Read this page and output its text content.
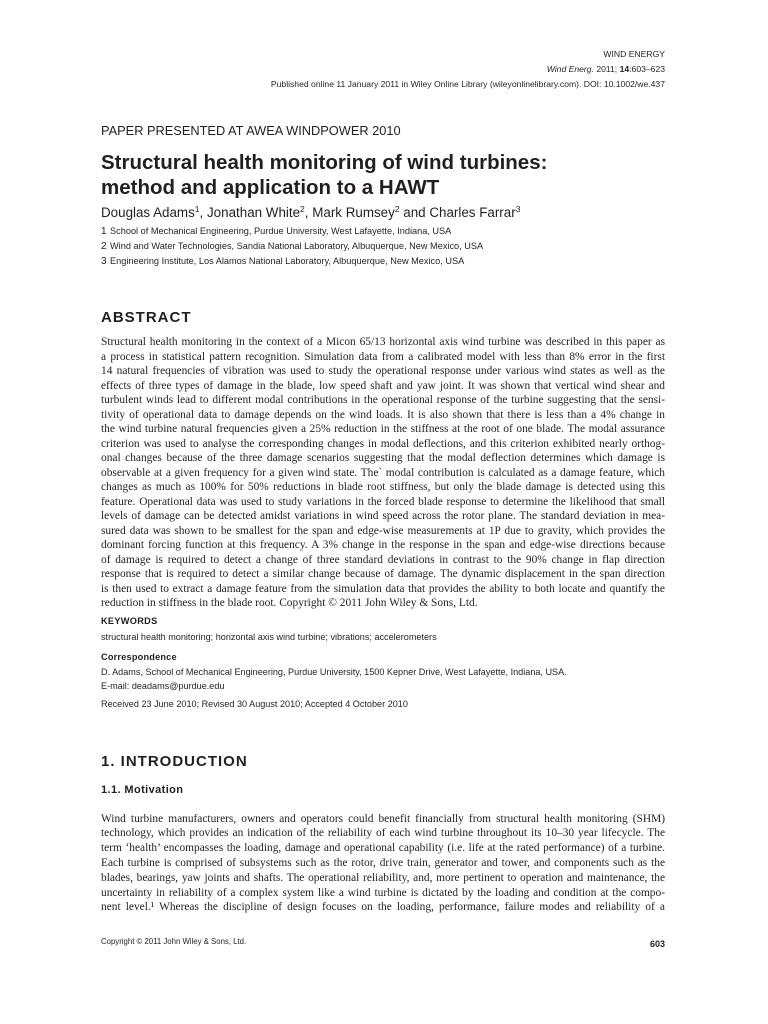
WIND ENERGY
Wind Energ. 2011; 14:603–623
Published online 11 January 2011 in Wiley Online Library (wileyonlinelibrary.com). DOI: 10.1002/we.437
PAPER PRESENTED AT AWEA WINDPOWER 2010
Structural health monitoring of wind turbines:
method and application to a HAWT
Douglas Adams$^1$, Jonathan White$^2$, Mark Rumsey$^2$ and Charles Farrar$^3$
1 School of Mechanical Engineering, Purdue University, West Lafayette, Indiana, USA
2 Wind and Water Technologies, Sandia National Laboratory, Albuquerque, New Mexico, USA
3 Engineering Institute, Los Alamos National Laboratory, Albuquerque, New Mexico, USA
ABSTRACT
Structural health monitoring in the context of a Micon 65/13 horizontal axis wind turbine was described in this paper as
a process in statistical pattern recognition. Simulation data from a calibrated model with less than 8% error in the first
14 natural frequencies of vibration was used to study the operational response under various wind states as well as the
effects of three types of damage in the blade, low speed shaft and yaw joint. It was shown that vertical wind shear and
turbulent winds lead to different modal contributions in the operational response of the turbine suggesting that the sensi-
tivity of operational data to damage depends on the wind loads. It is also shown that there is less than a 4% change in
the wind turbine natural frequencies given a 25% reduction in the stiffness at the root of one blade. The modal assurance
criterion was used to analyse the corresponding changes in modal deflections, and this criterion exhibited nearly orthog-
onal changes because of the three damage scenarios suggesting that the modal deflection determines which damage is
observable at a given frequency for a given wind state. The` modal contribution is calculated as a damage feature, which
changes as much as 100% for 50% reductions in blade root stiffness, but only the blade damage is detected using this
feature. Operational data was used to study variations in the forced blade response to determine the likelihood that small
levels of damage can be detected amidst variations in wind speed across the rotor plane. The standard deviation in mea-
sured data was shown to be smallest for the span and edge-wise measurements at 1P due to gravity, which provides the
dominant forcing function at this frequency. A 3% change in the response in the span and edge-wise directions because
of damage is required to detect a change of three standard deviations in contrast to the 90% change in flap direction
response that is required to detect a similar change because of damage. The dynamic displacement in the span direction
is then used to extract a damage feature from the simulation data that provides the ability to both locate and quantify the
reduction in stiffness in the blade root. Copyright © 2011 John Wiley & Sons, Ltd.
KEYWORDS
structural health monitoring; horizontal axis wind turbine; vibrations; accelerometers
Correspondence
D. Adams, School of Mechanical Engineering, Purdue University, 1500 Kepner Drive, West Lafayette, Indiana, USA.
E-mail: deadams@purdue.edu
Received 23 June 2010; Revised 30 August 2010; Accepted 4 October 2010
1. INTRODUCTION
1.1. Motivation
Wind turbine manufacturers, owners and operators could benefit financially from structural health monitoring (SHM)
technology, which provides an indication of the reliability of each wind turbine throughout its 10–30 year lifecycle. The
term ‘health’ encompasses the loading, damage and operational capability (i.e. life at the rated performance) of a turbine.
Each turbine is comprised of subsystems such as the rotor, drive train, generator and tower, and components such as the
blades, bearings, yaw joints and shafts. The operational reliability, and, more pertinent to operation and maintenance, the
uncertainty in reliability of a complex system like a wind turbine is dictated by the loading and condition at the compo-
nent level.¹ Whereas the discipline of design focuses on the loading, performance, failure modes and reliability of a
Copyright © 2011 John Wiley & Sons, Ltd.	603
